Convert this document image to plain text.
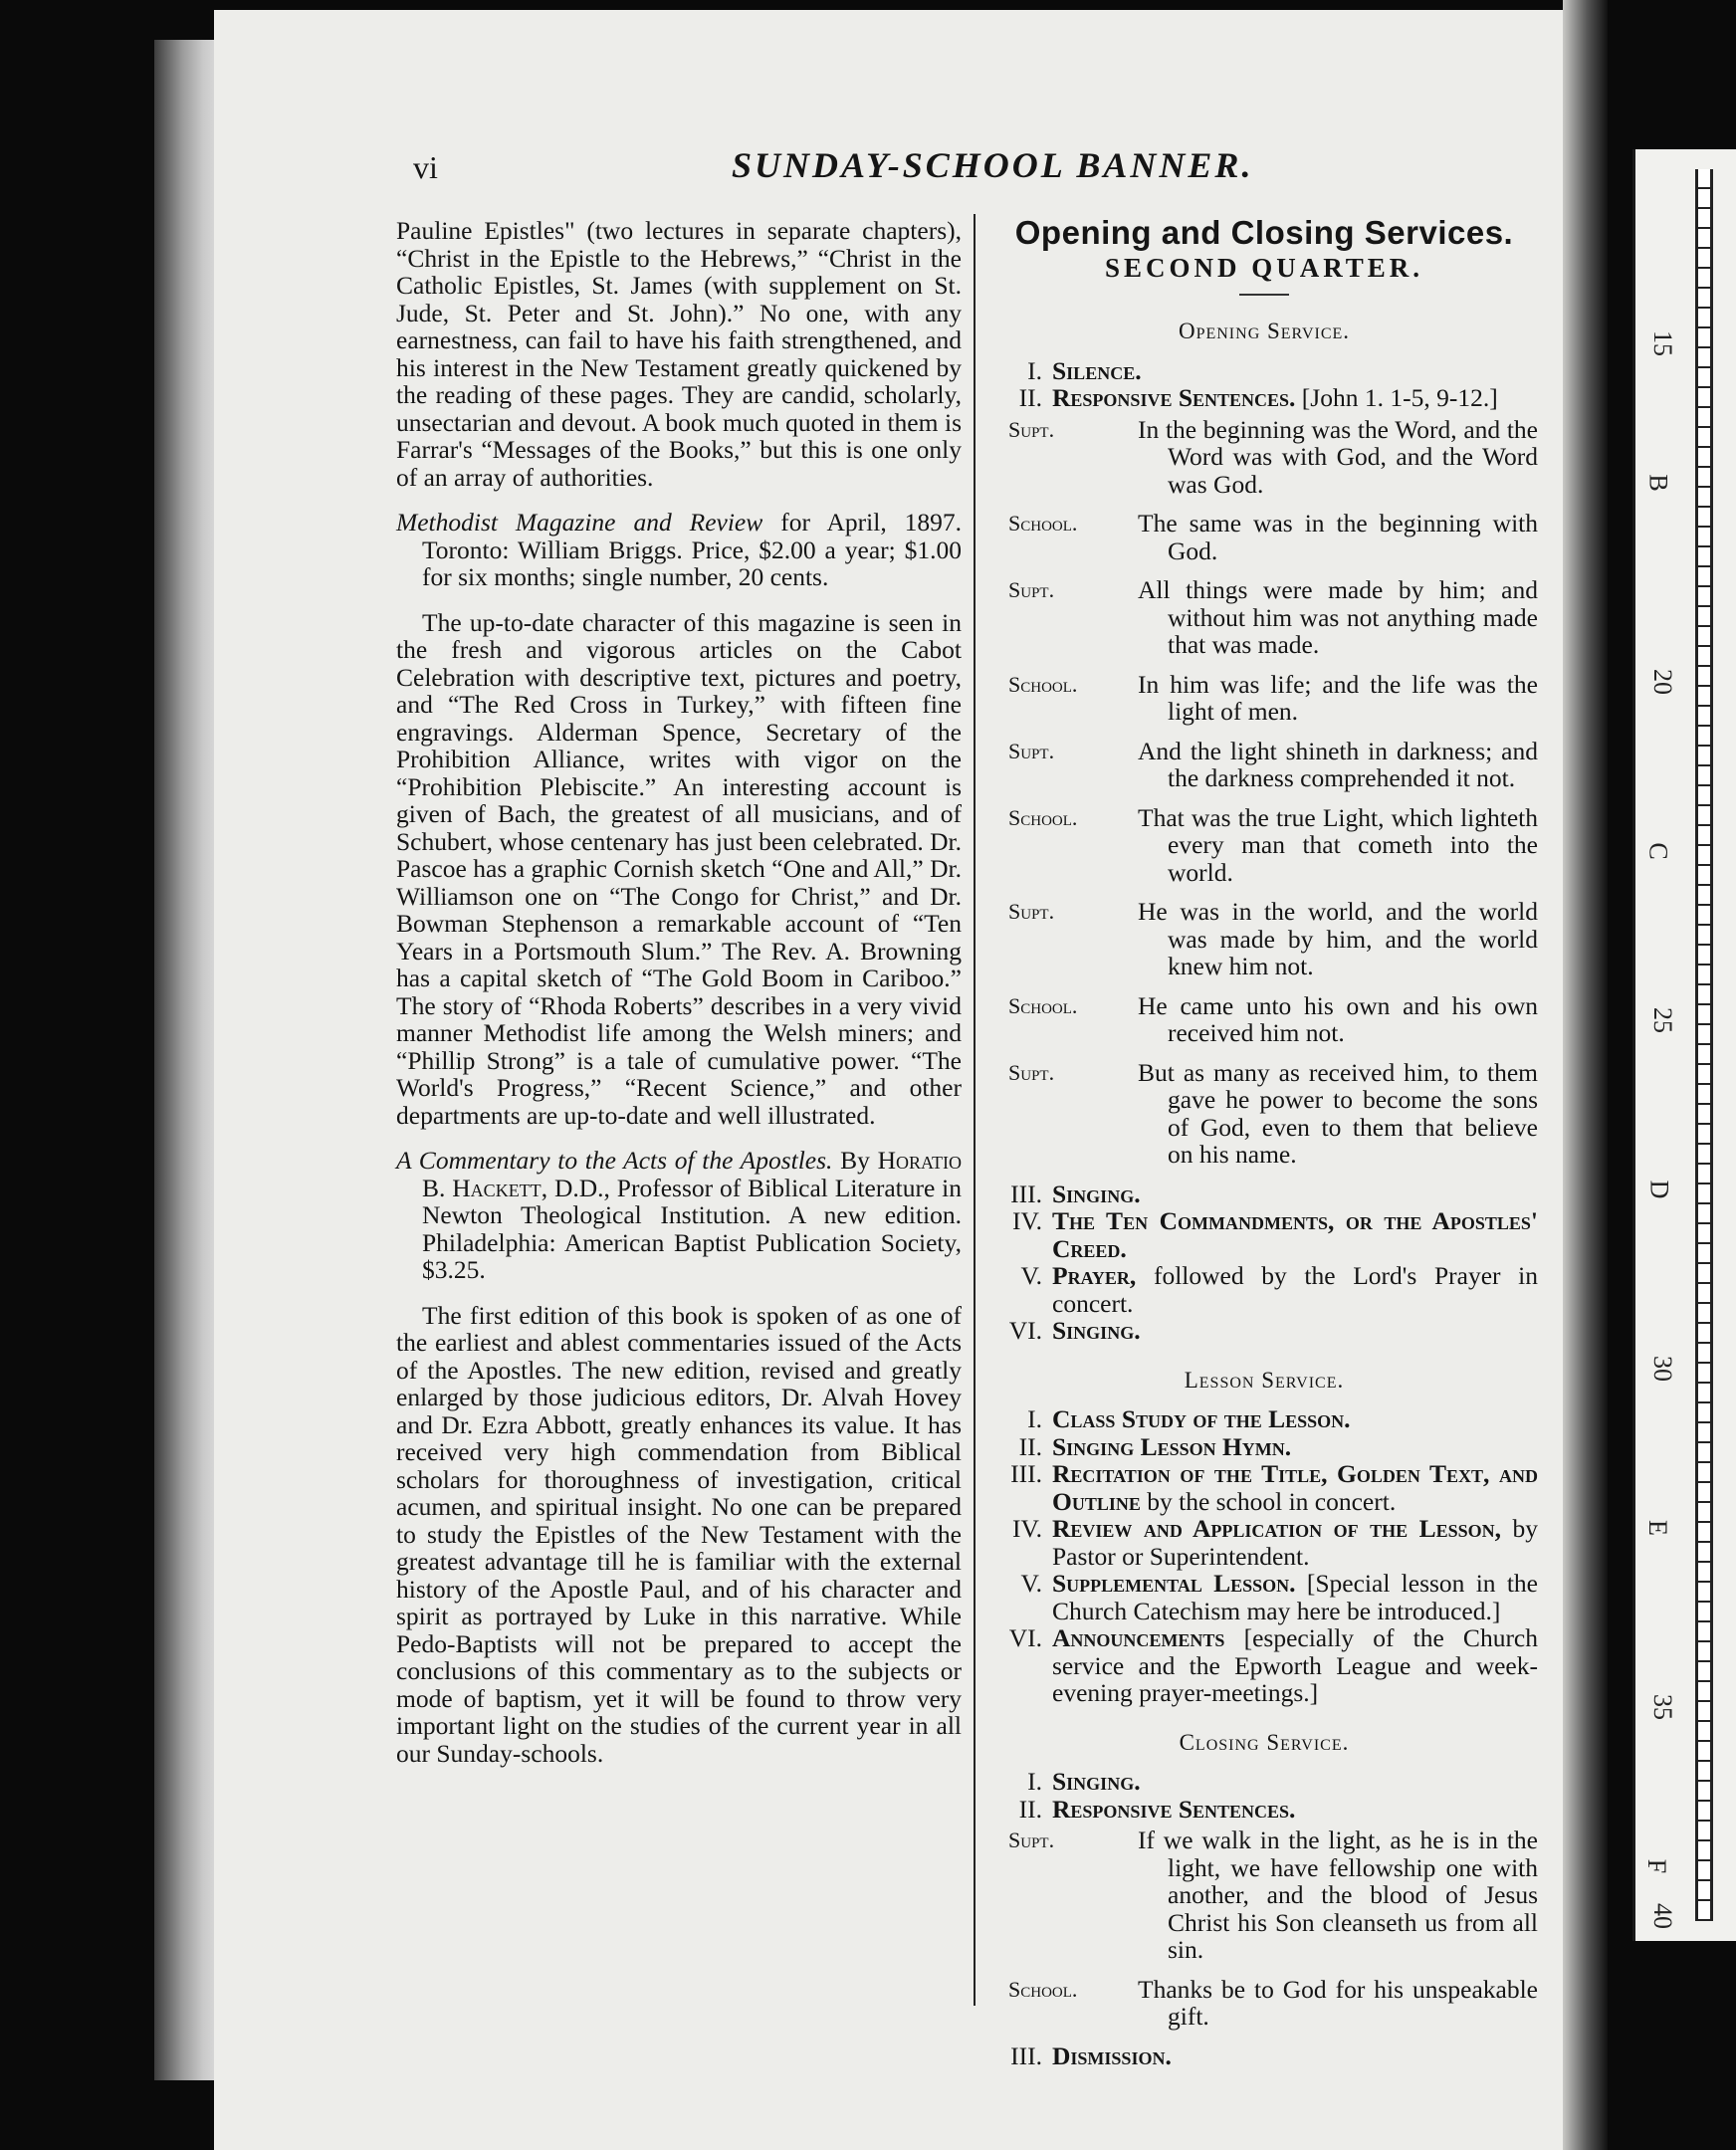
15
B
20
C
25
D
30
E
35
F
40
vi	SUNDAY-SCHOOL BANNER.

Pauline Epistles" (two lectures in separate chapters), “Christ in the Epistle to the Hebrews,” “Christ in the Catholic Epistles, St. James (with supplement on St. Jude, St. Peter and St. John).” No one, with any earnestness, can fail to have his faith strengthened, and his interest in the New Testament greatly quickened by the reading of these pages. They are candid, scholarly, unsectarian and devout. A book much quoted in them is Farrar's “Messages of the Books,” but this is one only of an array of authorities.

Methodist Magazine and Review for April, 1897. Toronto: William Briggs. Price, $2.00 a year; $1.00 for six months; single number, 20 cents.

The up-to-date character of this magazine is seen in the fresh and vigorous articles on the Cabot Celebration with descriptive text, pictures and poetry, and “The Red Cross in Turkey,” with fifteen fine engravings. Alderman Spence, Secretary of the Prohibition Alliance, writes with vigor on the “Prohibition Plebiscite.” An interesting account is given of Bach, the greatest of all musicians, and of Schubert, whose centenary has just been celebrated. Dr. Pascoe has a graphic Cornish sketch “One and All,” Dr. Williamson one on “The Congo for Christ,” and Dr. Bowman Stephenson a remarkable account of “Ten Years in a Portsmouth Slum.” The Rev. A. Browning has a capital sketch of “The Gold Boom in Cariboo.” The story of “Rhoda Roberts” describes in a very vivid manner Methodist life among the Welsh miners; and “Phillip Strong” is a tale of cumulative power. “The World's Progress,” “Recent Science,” and other departments are up-to-date and well illustrated.

A Commentary to the Acts of the Apostles. By Horatio B. Hackett, D.D., Professor of Biblical Literature in Newton Theological Institution. A new edition. Philadelphia: American Baptist Publication Society, $3.25.

The first edition of this book is spoken of as one of the earliest and ablest commentaries issued of the Acts of the Apostles. The new edition, revised and greatly enlarged by those judicious editors, Dr. Alvah Hovey and Dr. Ezra Abbott, greatly enhances its value. It has received very high commendation from Biblical scholars for thoroughness of investigation, critical acumen, and spiritual insight. No one can be prepared to study the Epistles of the New Testament with the greatest advantage till he is familiar with the external history of the Apostle Paul, and of his character and spirit as portrayed by Luke in this narrative. While Pedo-Baptists will not be prepared to accept the conclusions of this commentary as to the subjects or mode of baptism, yet it will be found to throw very important light on the studies of the current year in all our Sunday-schools.

Opening and Closing Services.
SECOND QUARTER.
Opening Service.
I. Silence.
II. Responsive Sentences. [John 1. 1-5, 9-12.]
Supt.	In the beginning was the Word, and the Word was with God, and the Word was God.
School.	The same was in the beginning with God.
Supt.	All things were made by him; and without him was not anything made that was made.
School.	In him was life; and the life was the light of men.
Supt.	And the light shineth in darkness; and the darkness comprehended it not.
School.	That was the true Light, which lighteth every man that cometh into the world.
Supt.	He was in the world, and the world was made by him, and the world knew him not.
School.	He came unto his own and his own received him not.
Supt.	But as many as received him, to them gave he power to become the sons of God, even to them that believe on his name.
III. Singing.
IV. The Ten Commandments, or the Apostles' Creed.
V. Prayer, followed by the Lord's Prayer in concert.
VI. Singing.
Lesson Service.
I. Class Study of the Lesson.
II. Singing Lesson Hymn.
III. Recitation of the Title, Golden Text, and Outline by the school in concert.
IV. Review and Application of the Lesson, by Pastor or Superintendent.
V. Supplemental Lesson. [Special lesson in the Church Catechism may here be introduced.]
VI. Announcements [especially of the Church service and the Epworth League and week-evening prayer-meetings.]
Closing Service.
I. Singing.
II. Responsive Sentences.
Supt.	If we walk in the light, as he is in the light, we have fellowship one with another, and the blood of Jesus Christ his Son cleanseth us from all sin.
School.	Thanks be to God for his unspeakable gift.
III. Dismission.
